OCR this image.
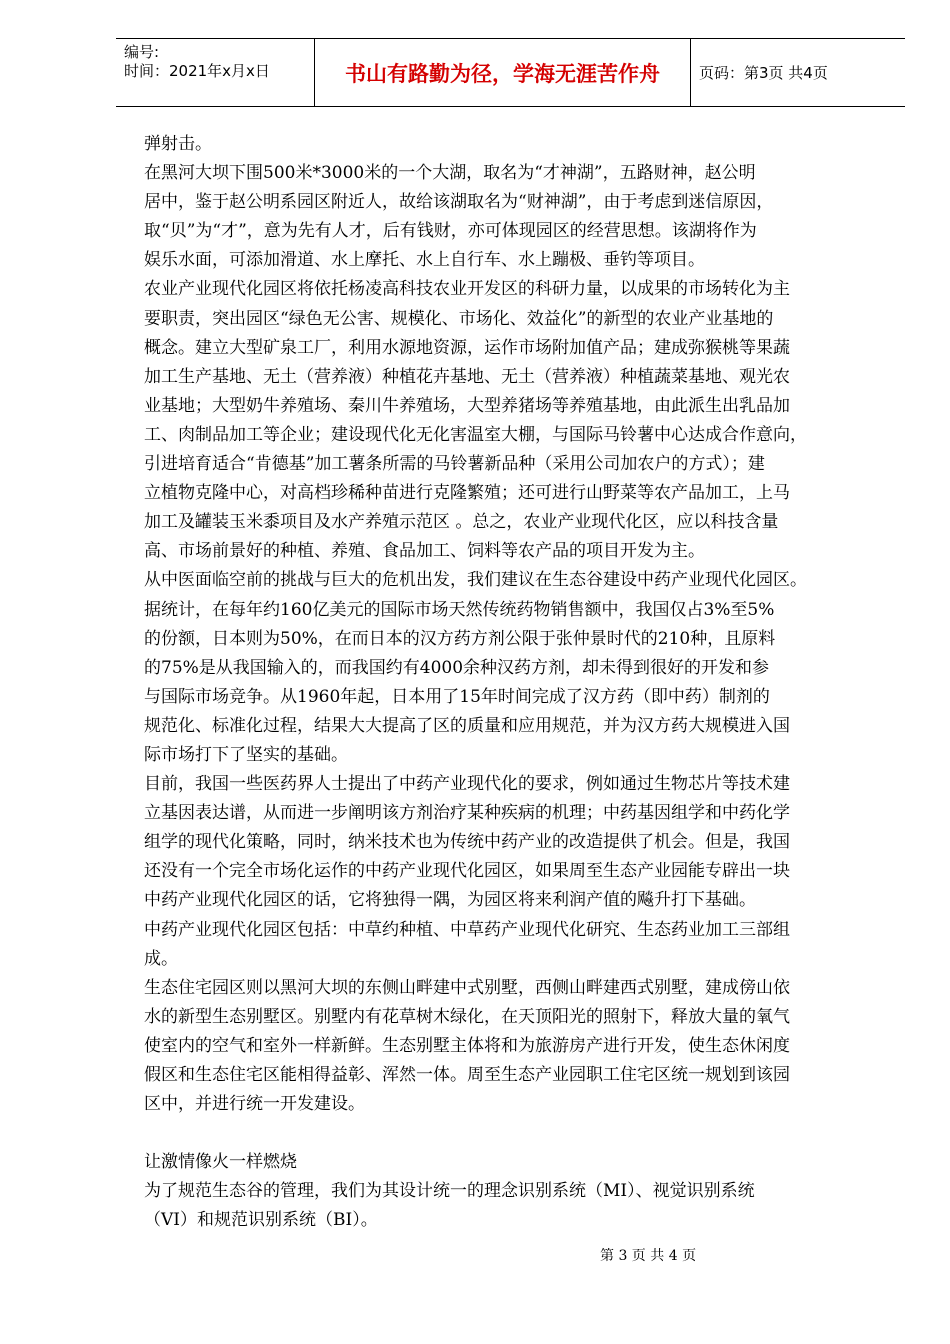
编号:
时间：2021年x月x日	书山有路勤为径，学海无涯苦作舟	页码：第3页 共4页
弹射击。
在黑河大坝下围500米*3000米的一个大湖，取名为“才神湖”，五路财神，赵公明
居中，鉴于赵公明系园区附近人，故给该湖取名为“财神湖”，由于考虑到迷信原因，
取“贝”为“才”，意为先有人才，后有钱财，亦可体现园区的经营思想。该湖将作为
娱乐水面，可添加滑道、水上摩托、水上自行车、水上蹦极、垂钓等项目。
农业产业现代化园区将依托杨凌高科技农业开发区的科研力量，以成果的市场转化为主
要职责，突出园区“绿色无公害、规模化、市场化、效益化”的新型的农业产业基地的
概念。建立大型矿泉工厂，利用水源地资源，运作市场附加值产品；建成弥猴桃等果蔬
加工生产基地、无土（营养液）种植花卉基地、无土（营养液）种植蔬菜基地、观光农
业基地；大型奶牛养殖场、秦川牛养殖场，大型养猪场等养殖基地，由此派生出乳品加
工、肉制品加工等企业；建设现代化无化害温室大棚，与国际马铃薯中心达成合作意向，
引进培育适合“肯德基”加工薯条所需的马铃薯新品种（采用公司加农户的方式）；建
立植物克隆中心，对高档珍稀种苗进行克隆繁殖；还可进行山野菜等农产品加工，上马
加工及罐装玉米黍项目及水产养殖示范区 。总之，农业产业现代化区，应以科技含量
高、市场前景好的种植、养殖、食品加工、饲料等农产品的项目开发为主。
从中医面临空前的挑战与巨大的危机出发，我们建议在生态谷建设中药产业现代化园区。
据统计，在每年约160亿美元的国际市场天然传统药物销售额中，我国仅占3%至5%
的份额，日本则为50%，在而日本的汉方药方剂公限于张仲景时代的210种，且原料
的75%是从我国输入的，而我国约有4000余种汉药方剂，却未得到很好的开发和参
与国际市场竞争。从1960年起，日本用了15年时间完成了汉方药（即中药）制剂的
规范化、标准化过程，结果大大提高了区的质量和应用规范，并为汉方药大规模进入国
际市场打下了坚实的基础。
目前，我国一些医药界人士提出了中药产业现代化的要求，例如通过生物芯片等技术建
立基因表达谱，从而进一步阐明该方剂治疗某种疾病的机理；中药基因组学和中药化学
组学的现代化策略，同时，纳米技术也为传统中药产业的改造提供了机会。但是，我国
还没有一个完全市场化运作的中药产业现代化园区，如果周至生态产业园能专辟出一块
中药产业现代化园区的话，它将独得一隅，为园区将来利润产值的飚升打下基础。
中药产业现代化园区包括：中草约种植、中草药产业现代化研究、生态药业加工三部组
成。
生态住宅园区则以黑河大坝的东侧山畔建中式别墅，西侧山畔建西式别墅，建成傍山依
水的新型生态别墅区。别墅内有花草树木绿化，在天顶阳光的照射下，释放大量的氧气
使室内的空气和室外一样新鲜。生态别墅主体将和为旅游房产进行开发，使生态休闲度
假区和生态住宅区能相得益彰、浑然一体。周至生态产业园职工住宅区统一规划到该园
区中，并进行统一开发建设。
让激情像火一样燃烧
为了规范生态谷的管理，我们为其设计统一的理念识别系统（MI）、视觉识别系统
（VI）和规范识别系统（BI）。
第 3 页 共 4 页
